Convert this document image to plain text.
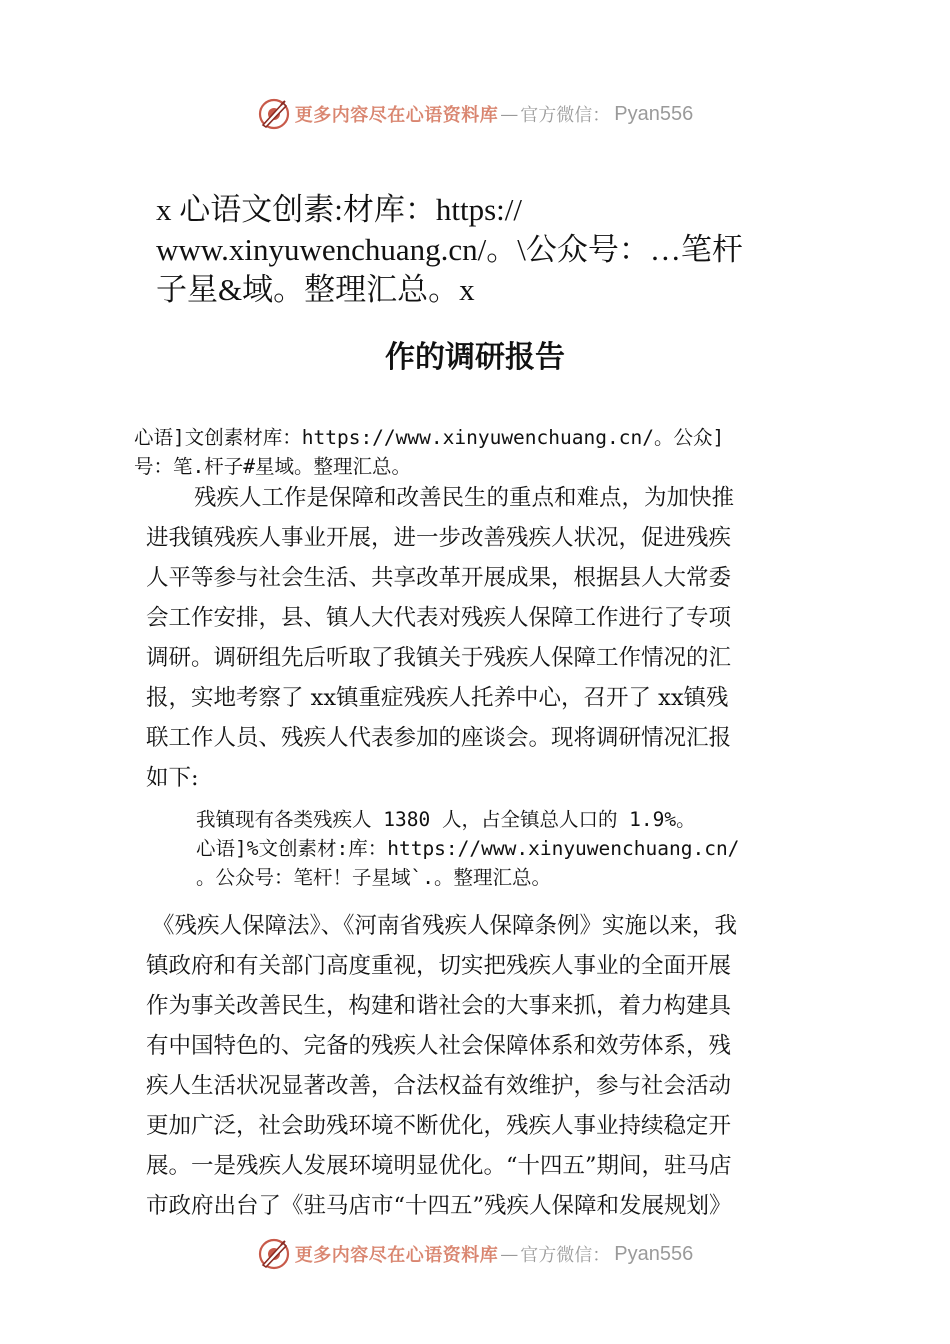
更多内容尽在心语资料库 — 官方微信： Pyan556
x 心语文创素:材库：https://
www.xinyuwenchuang.cn/。\公众号：…笔杆
子星&域。整理汇总。x
作的调研报告
心语]文创素材库：https://www.xinyuwenchuang.cn/。公众]
号：笔.杆子#星域。整理汇总。
残疾人工作是保障和改善民生的重点和难点，为加快推
进我镇残疾人事业开展，进一步改善残疾人状况，促进残疾
人平等参与社会生活、共享改革开展成果，根据县人大常委
会工作安排，县、镇人大代表对残疾人保障工作进行了专项
调研。调研组先后听取了我镇关于残疾人保障工作情况的汇
报，实地考察了 xx镇重症残疾人托养中心，召开了 xx镇残
联工作人员、残疾人代表参加的座谈会。现将调研情况汇报
如下:
我镇现有各类残疾人 1380 人，占全镇总人口的 1.9%。
心语]%文创素材:库：https://www.xinyuwenchuang.cn/
。公众号：笔杆！子星域`.。整理汇总。
《残疾人保障法》、《河南省残疾人保障条例》实施以来，我
镇政府和有关部门高度重视，切实把残疾人事业的全面开展
作为事关改善民生，构建和谐社会的大事来抓，着力构建具
有中国特色的、完备的残疾人社会保障体系和效劳体系，残
疾人生活状况显著改善，合法权益有效维护，参与社会活动
更加广泛，社会助残环境不断优化，残疾人事业持续稳定开
展。一是残疾人发展环境明显优化。“十四五”期间，驻马店
市政府出台了《驻马店市“十四五”残疾人保障和发展规划》
更多内容尽在心语资料库 — 官方微信： Pyan556
